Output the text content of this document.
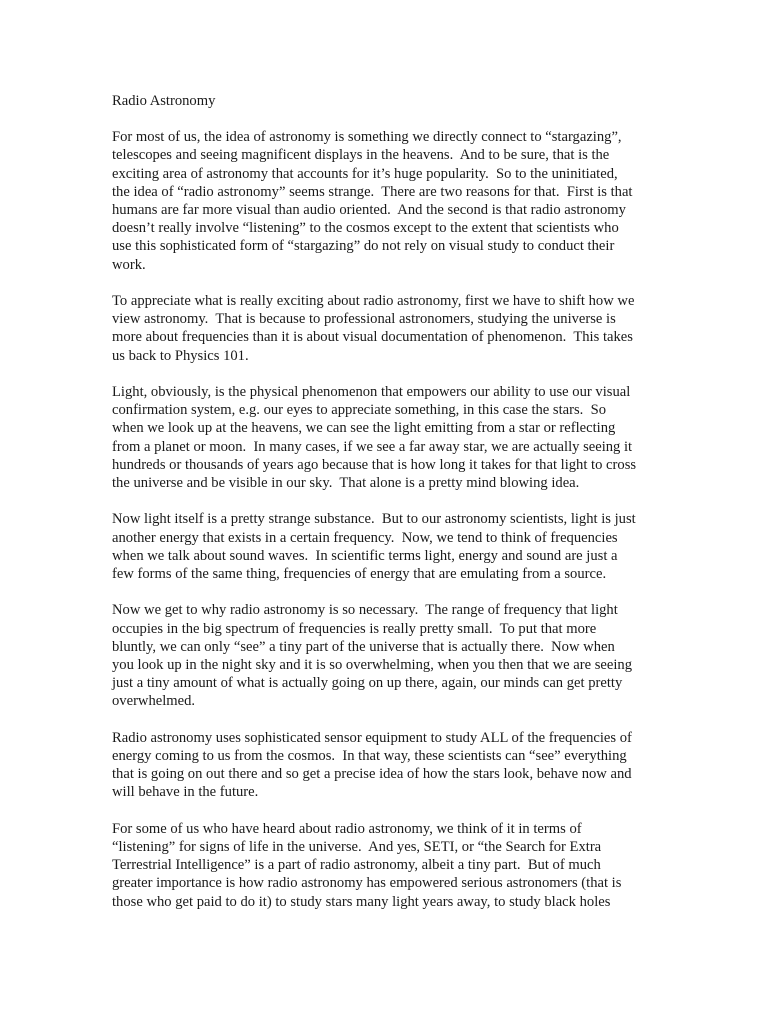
Radio Astronomy
For most of us, the idea of astronomy is something we directly connect to “stargazing”,
telescopes and seeing magnificent displays in the heavens.  And to be sure, that is the
exciting area of astronomy that accounts for it’s huge popularity.  So to the uninitiated,
the idea of “radio astronomy” seems strange.  There are two reasons for that.  First is that
humans are far more visual than audio oriented.  And the second is that radio astronomy
doesn’t really involve “listening” to the cosmos except to the extent that scientists who
use this sophisticated form of “stargazing” do not rely on visual study to conduct their
work.
To appreciate what is really exciting about radio astronomy, first we have to shift how we
view astronomy.  That is because to professional astronomers, studying the universe is
more about frequencies than it is about visual documentation of phenomenon.  This takes
us back to Physics 101.
Light, obviously, is the physical phenomenon that empowers our ability to use our visual
confirmation system, e.g. our eyes to appreciate something, in this case the stars.  So
when we look up at the heavens, we can see the light emitting from a star or reflecting
from a planet or moon.  In many cases, if we see a far away star, we are actually seeing it
hundreds or thousands of years ago because that is how long it takes for that light to cross
the universe and be visible in our sky.  That alone is a pretty mind blowing idea.
Now light itself is a pretty strange substance.  But to our astronomy scientists, light is just
another energy that exists in a certain frequency.  Now, we tend to think of frequencies
when we talk about sound waves.  In scientific terms light, energy and sound are just a
few forms of the same thing, frequencies of energy that are emulating from a source.
Now we get to why radio astronomy is so necessary.  The range of frequency that light
occupies in the big spectrum of frequencies is really pretty small.  To put that more
bluntly, we can only “see” a tiny part of the universe that is actually there.  Now when
you look up in the night sky and it is so overwhelming, when you then that we are seeing
just a tiny amount of what is actually going on up there, again, our minds can get pretty
overwhelmed.
Radio astronomy uses sophisticated sensor equipment to study ALL of the frequencies of
energy coming to us from the cosmos.  In that way, these scientists can “see” everything
that is going on out there and so get a precise idea of how the stars look, behave now and
will behave in the future.
For some of us who have heard about radio astronomy, we think of it in terms of
“listening” for signs of life in the universe.  And yes, SETI, or “the Search for Extra
Terrestrial Intelligence” is a part of radio astronomy, albeit a tiny part.  But of much
greater importance is how radio astronomy has empowered serious astronomers (that is
those who get paid to do it) to study stars many light years away, to study black holes
